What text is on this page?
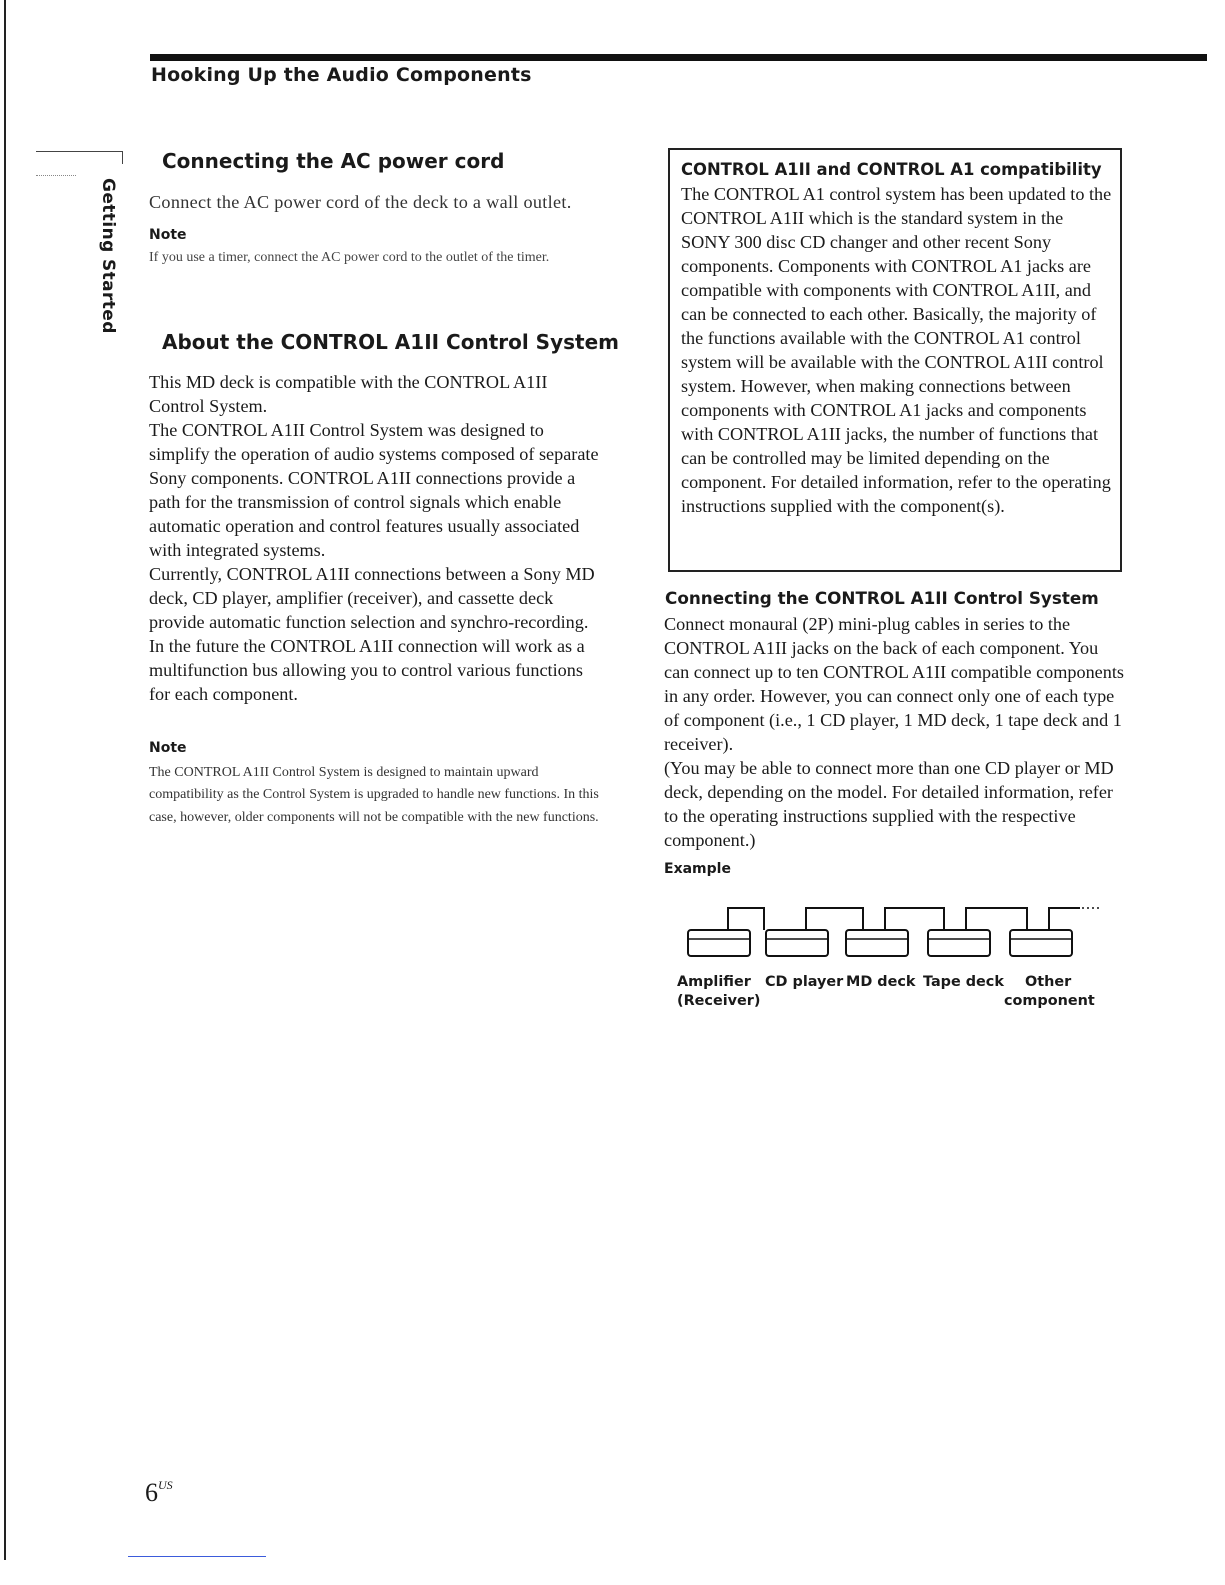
Hooking Up the Audio Components
Getting Started
Connecting the AC power cord
Connect the AC power cord of the deck to a wall outlet.
Note
If you use a timer, connect the AC power cord to the outlet of the timer.
About the CONTROL A1II Control System

This MD deck is compatible with the CONTROL A1II Control System.

The CONTROL A1II Control System was designed to simplify the operation of audio systems composed of separate Sony components. CONTROL A1II connections provide a path for the transmission of control signals which enable automatic operation and control features usually associated with integrated systems.

Currently, CONTROL A1II connections between a Sony MD deck, CD player, amplifier (receiver), and cassette deck provide automatic function selection and synchro-recording.

In the future the CONTROL A1II connection will work as a multifunction bus allowing you to control various functions for each component.

Note
The CONTROL A1II Control System is designed to maintain upward compatibility as the Control System is upgraded to handle new functions. In this case, however, older components will not be compatible with the new functions.
CONTROL A1II and CONTROL A1 compatibility
The CONTROL A1 control system has been updated to the CONTROL A1II which is the standard system in the SONY 300 disc CD changer and other recent Sony components. Components with CONTROL A1 jacks are compatible with components with CONTROL A1II, and can be connected to each other. Basically, the majority of the functions available with the CONTROL A1 control system will be available with the CONTROL A1II control system. However, when making connections between components with CONTROL A1 jacks and components with CONTROL A1II jacks, the number of functions that can be controlled may be limited depending on the component. For detailed information, refer to the operating instructions supplied with the component(s).
Connecting the CONTROL A1II Control System

Connect monaural (2P) mini-plug cables in series to the CONTROL A1II jacks on the back of each component. You can connect up to ten CONTROL A1II compatible components in any order. However, you can connect only one of each type of component (i.e., 1 CD player, 1 MD deck, 1 tape deck and 1 receiver).

(You may be able to connect more than one CD player or MD deck, depending on the model. For detailed information, refer to the operating instructions supplied with the respective component.)

Example
Amplifier
(Receiver)
CD player MD deck Tape deck Other
component
$6^{US}$
